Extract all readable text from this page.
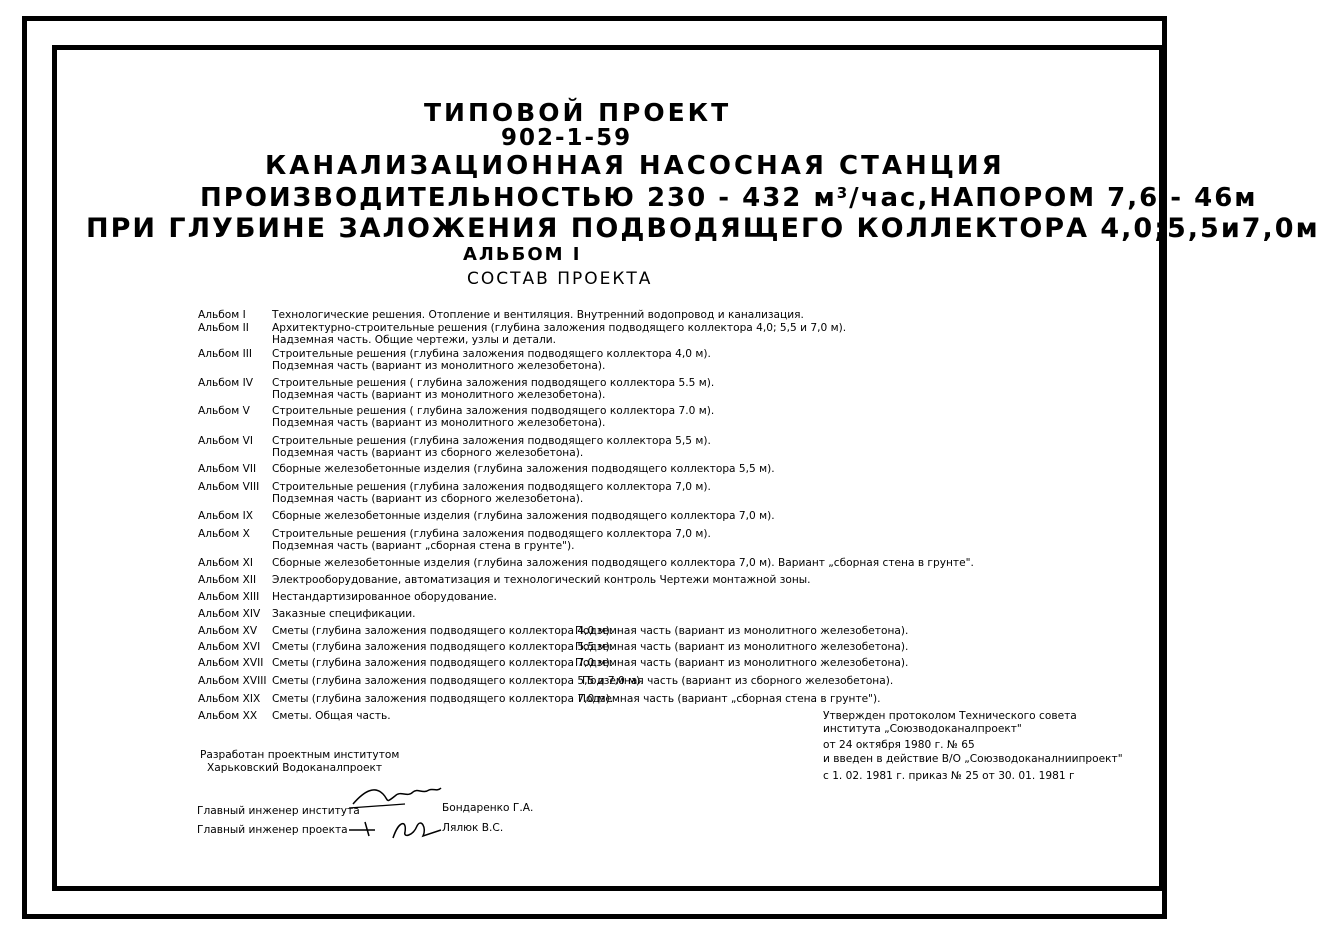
ТИПОВОЙ ПРОЕКТ
902-1-59
КАНАЛИЗАЦИОННАЯ НАСОСНАЯ СТАНЦИЯ
ПРОИЗВОДИТЕЛЬНОСТЬЮ 230 - 432 $м^3/час,НАПОРОМ$ 7,6 - 46м
ПРИ ГЛУБИНЕ ЗАЛОЖЕНИЯ ПОДВОДЯЩЕГО КОЛЛЕКТОРА 4,0;5,5и7,0м
АЛЬБОМ I
СОСТАВ ПРОЕКТА
Альбом I	Технологические решения. Отопление и вентиляция. Внутренний водопровод и канализация.
Альбом II	Архитектурно-строительные решения (глубина заложения подводящего коллектора 4,0; 5,5 и 7,0 м).
Надземная часть. Общие чертежи, узлы и детали.
Альбом III	Строительные решения (глубина заложения подводящего коллектора 4,0 м).
Подземная часть (вариант из монолитного железобетона).
Альбом IV	Строительные решения ( глубина заложения подводящего коллектора 5.5 м).
Подземная часть (вариант из монолитного железобетона).
Альбом V	Строительные решения ( глубина заложения подводящего коллектора 7.0 м).
Подземная часть (вариант из монолитного железобетона).
Альбом VI	Строительные решения (глубина заложения подводящего коллектора 5,5 м).
Подземная часть (вариант из сборного железобетона).
Альбом VII	Сборные железобетонные изделия (глубина заложения подводящего коллектора 5,5 м).
Альбом VIII	Строительные решения (глубина заложения подводящего коллектора 7,0 м).
Подземная часть (вариант из сборного железобетона).
Альбом IX	Сборные железобетонные изделия (глубина заложения подводящего коллектора 7,0 м).
Альбом X	Строительные решения (глубина заложения подводящего коллектора 7,0 м).
Подземная часть (вариант „сборная стена в грунте").
Альбом XI	Сборные железобетонные изделия (глубина заложения подводящего коллектора 7,0 м). Вариант „сборная стена в грунте".
Альбом XII	Электрооборудование, автоматизация и технологический контроль Чертежи монтажной зоны.
Альбом XIII	Нестандартизированное оборудование.
Альбом XIV	Заказные спецификации.
Альбом XV	Сметы (глубина заложения подводящего коллектора 4,0 м).
Подземная часть (вариант из монолитного железобетона).
Альбом XVI	Сметы (глубина заложения подводящего коллектора 5,5 м).
Подземная часть (вариант из монолитного железобетона).
Альбом XVII Сметы (глубина заложения подводящего коллектора 7,0 м).
Подземная часть (вариант из монолитного железобетона).
Альбом XVIII Сметы (глубина заложения подводящего коллектора 5,5 и 7,0 м).
Подземная часть (вариант из сборного железобетона).
Альбом XIX	Сметы (глубина заложения подводящего коллектора 7,0 м).
Подземная часть (вариант „сборная стена в грунте").
Альбом XX	Сметы. Общая часть.
Разработан проектным институтом
Харьковский Водоканалпроект
Утвержден протоколом Технического совета
института „Союзводоканалпроект"
от 24 октября 1980 г. № 65
и введен в действие В/О „Союзводоканалниипроект"
с 1. 02. 1981 г. приказ № 25 от 30. 01. 1981 г
Главный инженер института	Бондаренко Г.А.
Главный инженер проекта	Лялюк В.С.
